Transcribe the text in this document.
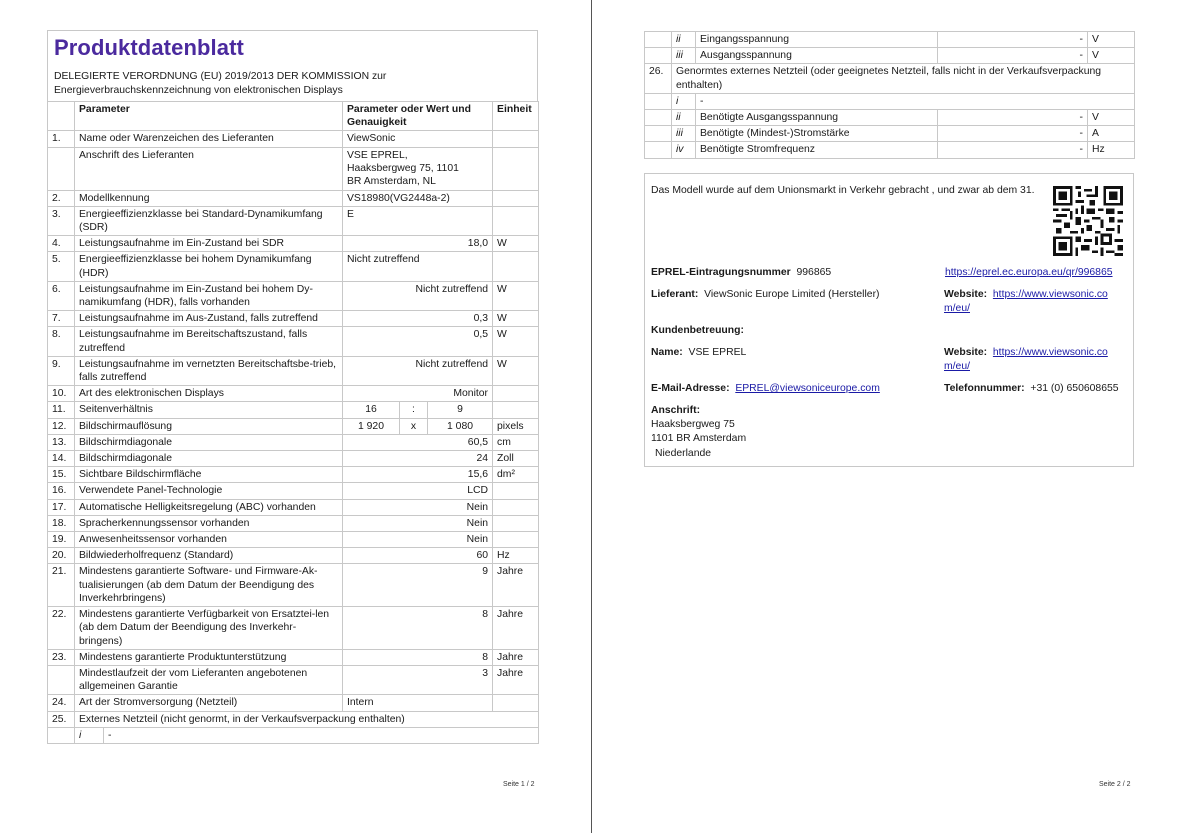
Produktdatenblatt
DELEGIERTE VERORDNUNG (EU) 2019/2013 DER KOMMISSION zur Energieverbrauchskennzeichnung von elektronischen Displays
	Parameter	Parameter oder Wert und Genauigkeit			Einheit
1.	Name oder Warenzeichen des Lieferanten	ViewSonic			
	Anschrift des Lieferanten	VSE EPREL, Haaksbergweg 75, 1101 BR Amsterdam, NL			

2.	Modellkennung	VS18980(VG2448a-2)			
3.	Energieeffizienzklasse bei Standard-Dynamikumfang (SDR)	E			
4.	Leistungsaufnahme im Ein-Zustand bei SDR	18,0			W
5.	Energieeffizienzklasse bei hohem Dynamikumfang (HDR)	Nicht zutreffend			
6.	Leistungsaufnahme im Ein-Zustand bei hohem Dy-namikumfang (HDR), falls vorhanden	Nicht zutreffend			W
7.	Leistungsaufnahme im Aus-Zustand, falls zutreffend	0,3			W
8.	Leistungsaufnahme im Bereitschaftszustand, falls zutreffend	0,5			W
9.	Leistungsaufnahme im vernetzten Bereitschaftsbe-trieb, falls zutreffend	Nicht zutreffend			W
10.	Art des elektronischen Displays	Monitor			
11.	Seitenverhältnis	16	:	9	
12.	Bildschirmauflösung	1 920	x	1 080	pixels
13.	Bildschirmdiagonale	60,5			cm
14.	Bildschirmdiagonale	24			Zoll
15.	Sichtbare Bildschirmfläche	15,6			dm²
16.	Verwendete Panel-Technologie	LCD			
17.	Automatische Helligkeitsregelung (ABC) vorhanden	Nein			
18.	Spracherkennungssensor vorhanden	Nein			
19.	Anwesenheitssensor vorhanden	Nein			
20.	Bildwiederholfrequenz (Standard)	60			Hz
21.	Mindestens garantierte Software- und Firmware-Ak-tualisierungen (ab dem Datum der Beendigung des Inverkehrbringens)	9			Jahre
22.	Mindestens garantierte Verfügbarkeit von Ersatztei-len (ab dem Datum der Beendigung des Inverkehr-bringens)	8			Jahre
23.	Mindestens garantierte Produktunterstützung	8			Jahre
	Mindestlaufzeit der vom Lieferanten angebotenen allgemeinen Garantie	3			Jahre
24.	Art der Stromversorgung (Netzteil)	Intern			
25.	Externes Netzteil (nicht genormt, in der Verkaufsverpackung enthalten)				

	i -				
Seite 1 / 2
	ii	Eingangsspannung	-	V
	iii	Ausgangsspannung	-	V
26.	Genormtes externes Netzteil (oder geeignetes Netzteil, falls nicht in der Verkaufsverpackung enthalten)			
	i	-		
	ii	Benötigte Ausgangsspannung	-	V
	iii	Benötigte (Mindest-)Stromstärke	-	A
	iv	Benötigte Stromfrequenz	-	Hz
Das Modell wurde auf dem Unionsmarkt in Verkehr gebracht , und zwar ab dem 31.
EPREL-Eintragungsnummer 996865	https://eprel.ec.europa.eu/qr/996865
Lieferant: ViewSonic Europe Limited (Hersteller)	Website: https://www.viewsonic.co
m/eu/
Kundenbetreuung:
Name: VSE EPREL	Website: https://www.viewsonic.co
m/eu/
E-Mail-Adresse: EPREL@viewsoniceurope.com	Telefonnummer: +31 (0) 650608655
Anschrift:
Haaksbergweg 75
1101 BR Amsterdam
Niederlande
Seite 2 / 2
